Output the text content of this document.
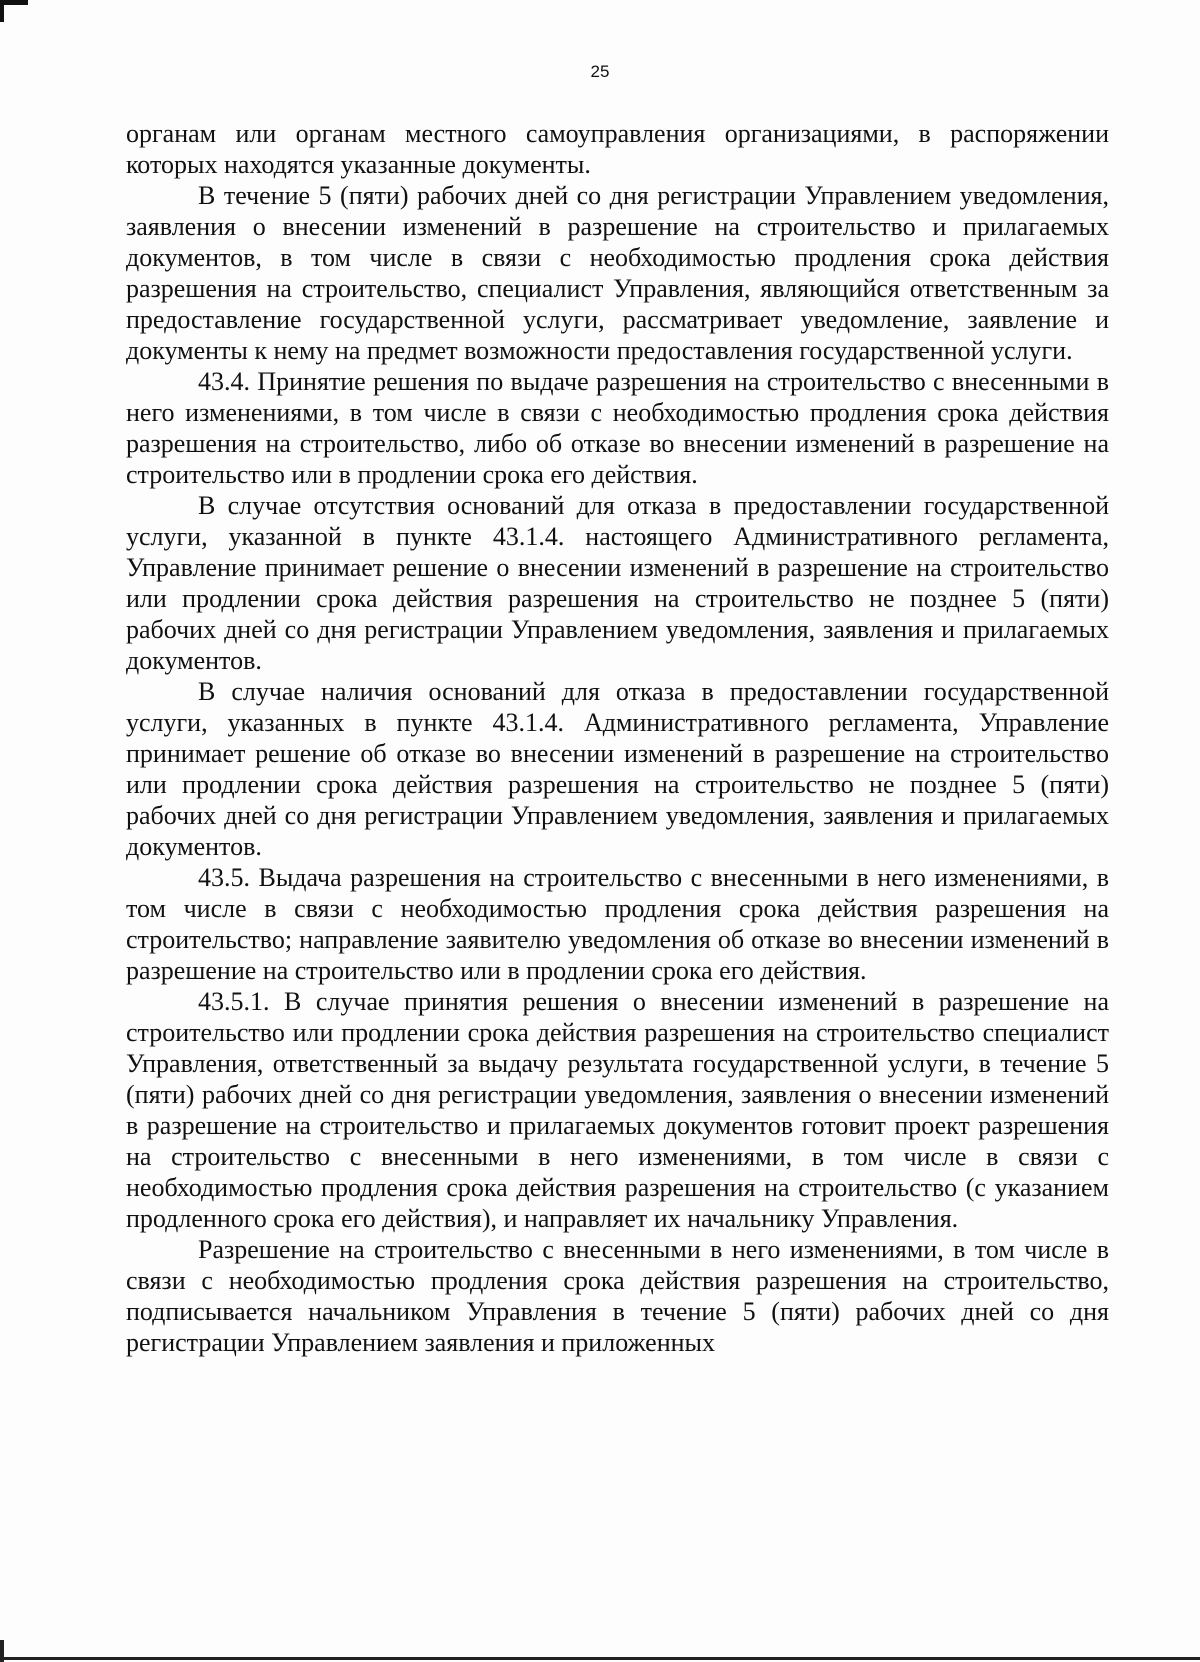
25

органам или органам местного самоуправления организациями, в распоряжении которых находятся указанные документы.

В течение 5 (пяти) рабочих дней со дня регистрации Управлением уведомления, заявления о внесении изменений в разрешение на строительство и прилагаемых документов, в том числе в связи с необходимостью продления срока действия разрешения на строительство, специалист Управления, являющийся ответственным за предоставление государственной услуги, рассматривает уведомление, заявление и документы к нему на предмет возможности предоставления государственной услуги.

43.4. Принятие решения по выдаче разрешения на строительство с внесенными в него изменениями, в том числе в связи с необходимостью продления срока действия разрешения на строительство, либо об отказе во внесении изменений в разрешение на строительство или в продлении срока его действия.

В случае отсутствия оснований для отказа в предоставлении государственной услуги, указанной в пункте 43.1.4. настоящего Административного регламента, Управление принимает решение о внесении изменений в разрешение на строительство или продлении срока действия разрешения на строительство не позднее 5 (пяти) рабочих дней со дня регистрации Управлением уведомления, заявления и прилагаемых документов.

В случае наличия оснований для отказа в предоставлении государственной услуги, указанных в пункте 43.1.4. Административного регламента, Управление принимает решение об отказе во внесении изменений в разрешение на строительство или продлении срока действия разрешения на строительство не позднее 5 (пяти) рабочих дней со дня регистрации Управлением уведомления, заявления и прилагаемых документов.

43.5. Выдача разрешения на строительство с внесенными в него изменениями, в том числе в связи с необходимостью продления срока действия разрешения на строительство; направление заявителю уведомления об отказе во внесении изменений в разрешение на строительство или в продлении срока его действия.

43.5.1. В случае принятия решения о внесении изменений в разрешение на строительство или продлении срока действия разрешения на строительство специалист Управления, ответственный за выдачу результата государственной услуги, в течение 5 (пяти) рабочих дней со дня регистрации уведомления, заявления о внесении изменений в разрешение на строительство и прилагаемых документов готовит проект разрешения на строительство с внесенными в него изменениями, в том числе в связи с необходимостью продления срока действия разрешения на строительство (с указанием продленного срока его действия), и направляет их начальнику Управления.

Разрешение на строительство с внесенными в него изменениями, в том числе в связи с необходимостью продления срока действия разрешения на строительство, подписывается начальником Управления в течение 5 (пяти) рабочих дней со дня регистрации Управлением заявления и приложенных
